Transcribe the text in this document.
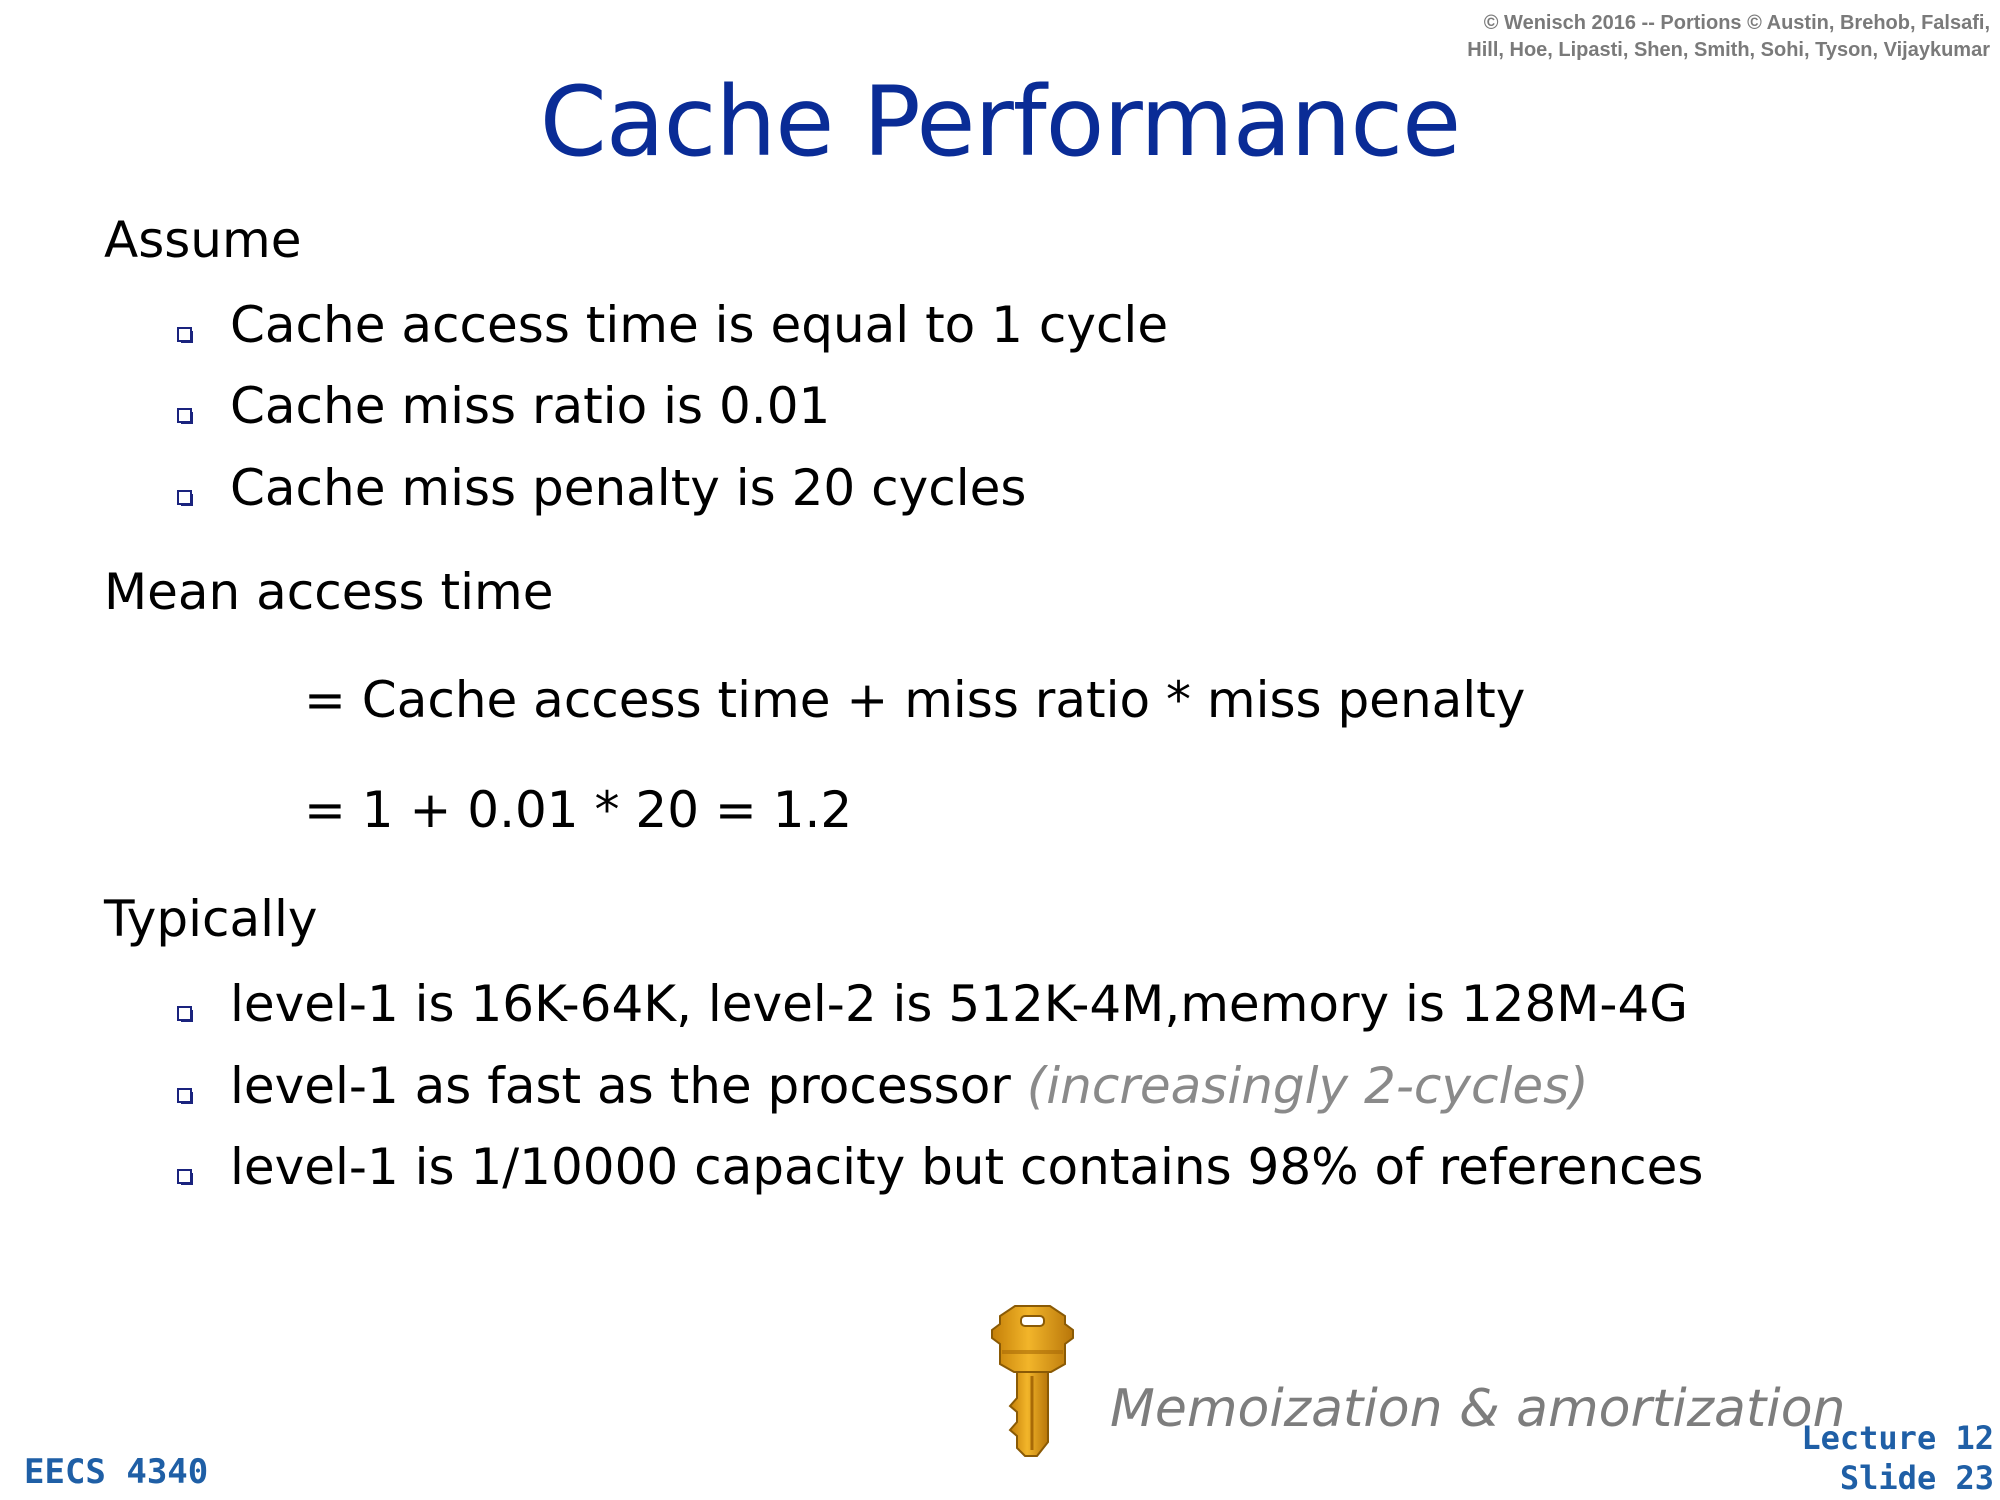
© Wenisch 2016 -- Portions © Austin, Brehob, Falsafi,
Hill, Hoe, Lipasti, Shen, Smith, Sohi, Tyson, Vijaykumar
Cache Performance
Assume
Cache access time is equal to 1 cycle
Cache miss ratio is 0.01
Cache miss penalty is 20 cycles
Mean access time
= Cache access time + miss ratio * miss penalty
= 1 + 0.01 * 20 = 1.2
Typically
level-1 is 16K-64K, level-2 is 512K-4M,memory is 128M-4G
level-1 as fast as the processor (increasingly 2-cycles)
level-1 is 1/10000 capacity but contains 98% of references
Memoization & amortization
EECS 4340
Lecture 12
Slide 23
